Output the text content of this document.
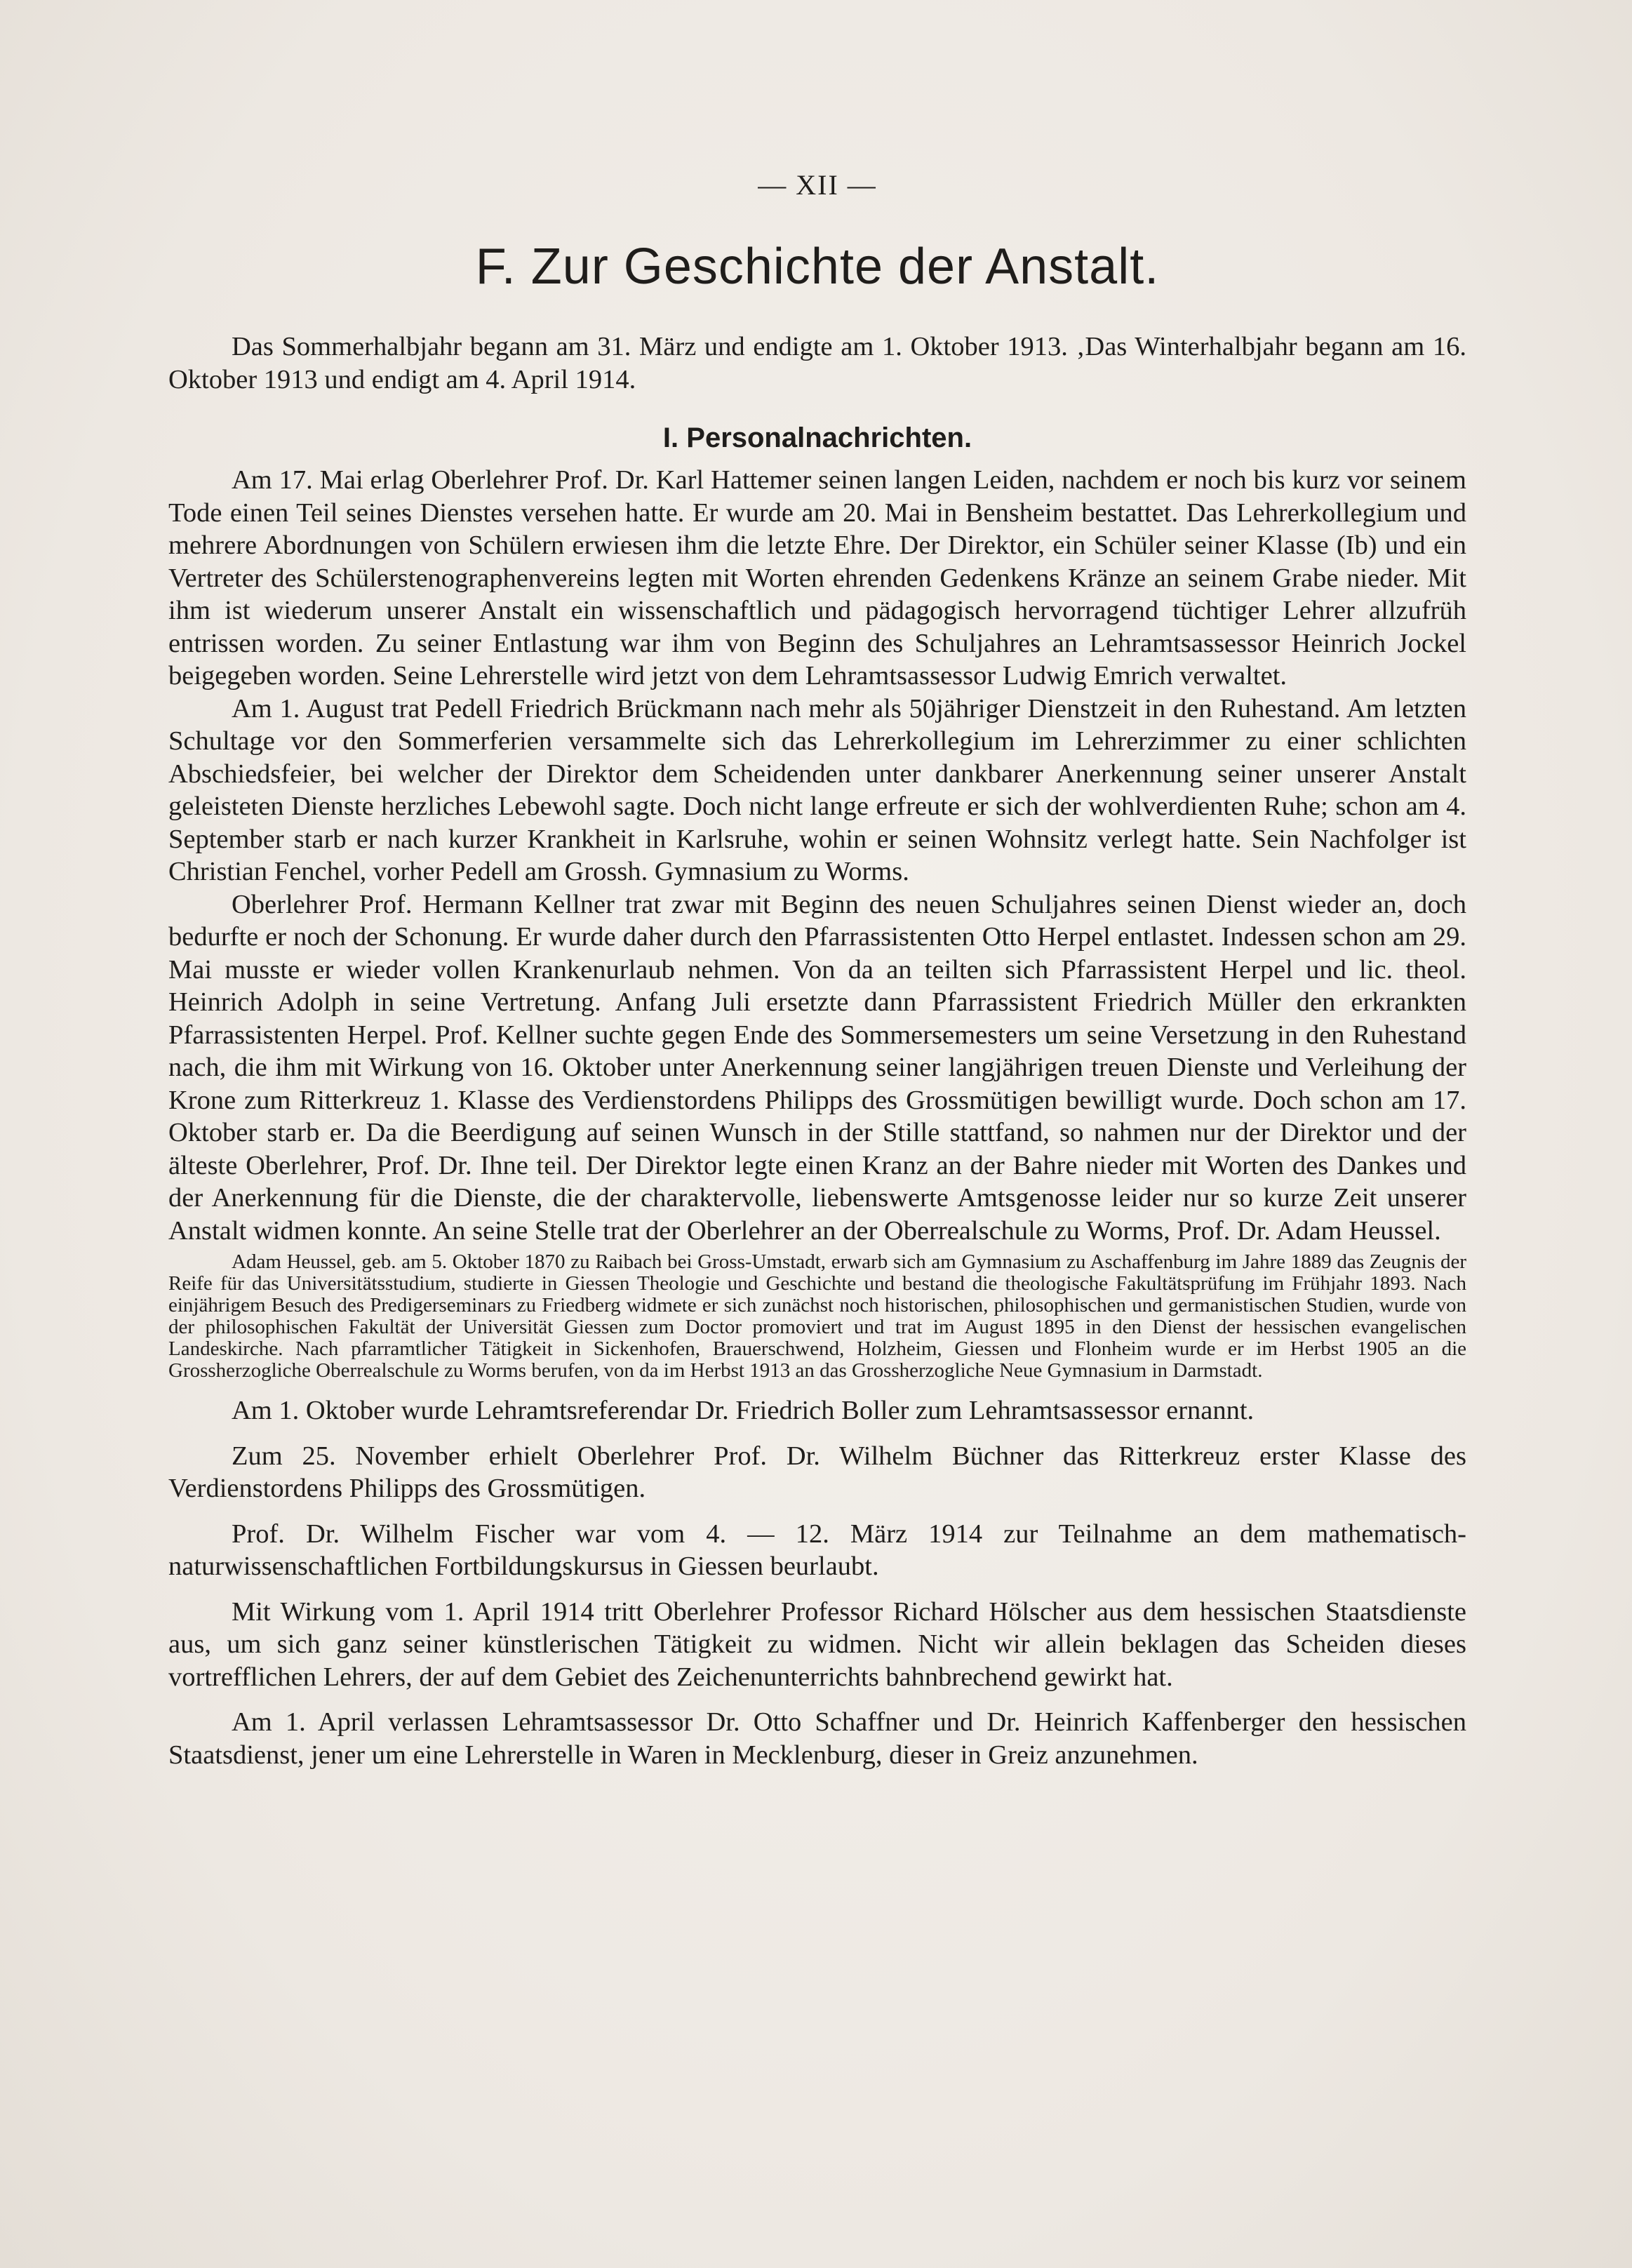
— XII —
F. Zur Geschichte der Anstalt.

Das Sommerhalbjahr begann am 31. März und endigte am 1. Oktober 1913. ‚Das Winterhalbjahr begann am 16. Oktober 1913 und endigt am 4. April 1914.

I. Personalnachrichten.

Am 17. Mai erlag Oberlehrer Prof. Dr. Karl Hattemer seinen langen Leiden, nachdem er noch bis kurz vor seinem Tode einen Teil seines Dienstes versehen hatte. Er wurde am 20. Mai in Bensheim bestattet. Das Lehrerkollegium und mehrere Abordnungen von Schülern erwiesen ihm die letzte Ehre. Der Direktor, ein Schüler seiner Klasse (Ib) und ein Vertreter des Schülerstenographenvereins legten mit Worten ehrenden Gedenkens Kränze an seinem Grabe nieder. Mit ihm ist wiederum unserer Anstalt ein wissenschaftlich und pädagogisch hervorragend tüchtiger Lehrer allzufrüh entrissen worden. Zu seiner Entlastung war ihm von Beginn des Schuljahres an Lehramtsassessor Heinrich Jockel beigegeben worden. Seine Lehrerstelle wird jetzt von dem Lehramtsassessor Ludwig Emrich verwaltet.

Am 1. August trat Pedell Friedrich Brückmann nach mehr als 50jähriger Dienstzeit in den Ruhestand. Am letzten Schultage vor den Sommerferien versammelte sich das Lehrerkollegium im Lehrerzimmer zu einer schlichten Abschiedsfeier, bei welcher der Direktor dem Scheidenden unter dankbarer Anerkennung seiner unserer Anstalt geleisteten Dienste herzliches Lebewohl sagte. Doch nicht lange erfreute er sich der wohlverdienten Ruhe; schon am 4. September starb er nach kurzer Krankheit in Karlsruhe, wohin er seinen Wohnsitz verlegt hatte. Sein Nachfolger ist Christian Fenchel, vorher Pedell am Grossh. Gymnasium zu Worms.

Oberlehrer Prof. Hermann Kellner trat zwar mit Beginn des neuen Schuljahres seinen Dienst wieder an, doch bedurfte er noch der Schonung. Er wurde daher durch den Pfarrassistenten Otto Herpel entlastet. Indessen schon am 29. Mai musste er wieder vollen Krankenurlaub nehmen. Von da an teilten sich Pfarrassistent Herpel und lic. theol. Heinrich Adolph in seine Vertretung. Anfang Juli ersetzte dann Pfarrassistent Friedrich Müller den erkrankten Pfarrassistenten Herpel. Prof. Kellner suchte gegen Ende des Sommersemesters um seine Versetzung in den Ruhestand nach, die ihm mit Wirkung von 16. Oktober unter Anerkennung seiner langjährigen treuen Dienste und Verleihung der Krone zum Ritterkreuz 1. Klasse des Verdienstordens Philipps des Grossmütigen bewilligt wurde. Doch schon am 17. Oktober starb er. Da die Beerdigung auf seinen Wunsch in der Stille stattfand, so nahmen nur der Direktor und der älteste Oberlehrer, Prof. Dr. Ihne teil. Der Direktor legte einen Kranz an der Bahre nieder mit Worten des Dankes und der Anerkennung für die Dienste, die der charaktervolle, liebenswerte Amtsgenosse leider nur so kurze Zeit unserer Anstalt widmen konnte. An seine Stelle trat der Oberlehrer an der Oberrealschule zu Worms, Prof. Dr. Adam Heussel.

Adam Heussel, geb. am 5. Oktober 1870 zu Raibach bei Gross-Umstadt, erwarb sich am Gymnasium zu Aschaffenburg im Jahre 1889 das Zeugnis der Reife für das Universitätsstudium, studierte in Giessen Theologie und Geschichte und bestand die theologische Fakultätsprüfung im Frühjahr 1893. Nach einjährigem Besuch des Predigerseminars zu Friedberg widmete er sich zunächst noch historischen, philosophischen und germanistischen Studien, wurde von der philosophischen Fakultät der Universität Giessen zum Doctor promoviert und trat im August 1895 in den Dienst der hessischen evangelischen Landeskirche. Nach pfarramtlicher Tätigkeit in Sickenhofen, Brauerschwend, Holzheim, Giessen und Flonheim wurde er im Herbst 1905 an die Grossherzogliche Oberrealschule zu Worms berufen, von da im Herbst 1913 an das Grossherzogliche Neue Gymnasium in Darmstadt.

Am 1. Oktober wurde Lehramtsreferendar Dr. Friedrich Boller zum Lehramtsassessor ernannt.

Zum 25. November erhielt Oberlehrer Prof. Dr. Wilhelm Büchner das Ritterkreuz erster Klasse des Verdienstordens Philipps des Grossmütigen.

Prof. Dr. Wilhelm Fischer war vom 4. — 12. März 1914 zur Teilnahme an dem mathematisch-naturwissenschaftlichen Fortbildungskursus in Giessen beurlaubt.

Mit Wirkung vom 1. April 1914 tritt Oberlehrer Professor Richard Hölscher aus dem hessischen Staatsdienste aus, um sich ganz seiner künstlerischen Tätigkeit zu widmen. Nicht wir allein beklagen das Scheiden dieses vortrefflichen Lehrers, der auf dem Gebiet des Zeichenunterrichts bahnbrechend gewirkt hat.

Am 1. April verlassen Lehramtsassessor Dr. Otto Schaffner und Dr. Heinrich Kaffenberger den hessischen Staatsdienst, jener um eine Lehrerstelle in Waren in Mecklenburg, dieser in Greiz anzunehmen.
